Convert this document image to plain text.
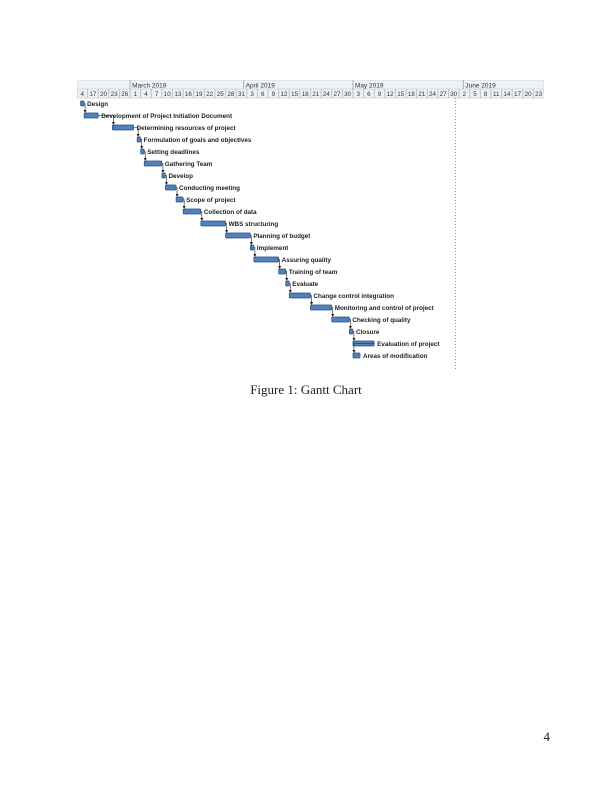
March 2019	April 2019	May 2019	June 2019
4 17 20 23 26 1 4 7 10 13 16 19 22 25 28 31 3 6 9 12 15 18 21 24 27 30 3 6 9 12 15 18 21 24 27 30 2 5 8 11 14 17 20 23
Design
Development of Project Initiation Document
Determining resources of project
Formulation of goals and objectives
Setting deadlines
Gathering Team
Develop
Conducting meeting
Scope of project
Collection of data
WBS structuring
Planning of budget
Implement
Assuring quality
Training of team
Evaluate
Change control integration
Monitoring and control of project
Checking of quality
Closure
Evaluation of project
Areas of modification
Figure 1: Gantt Chart
4
